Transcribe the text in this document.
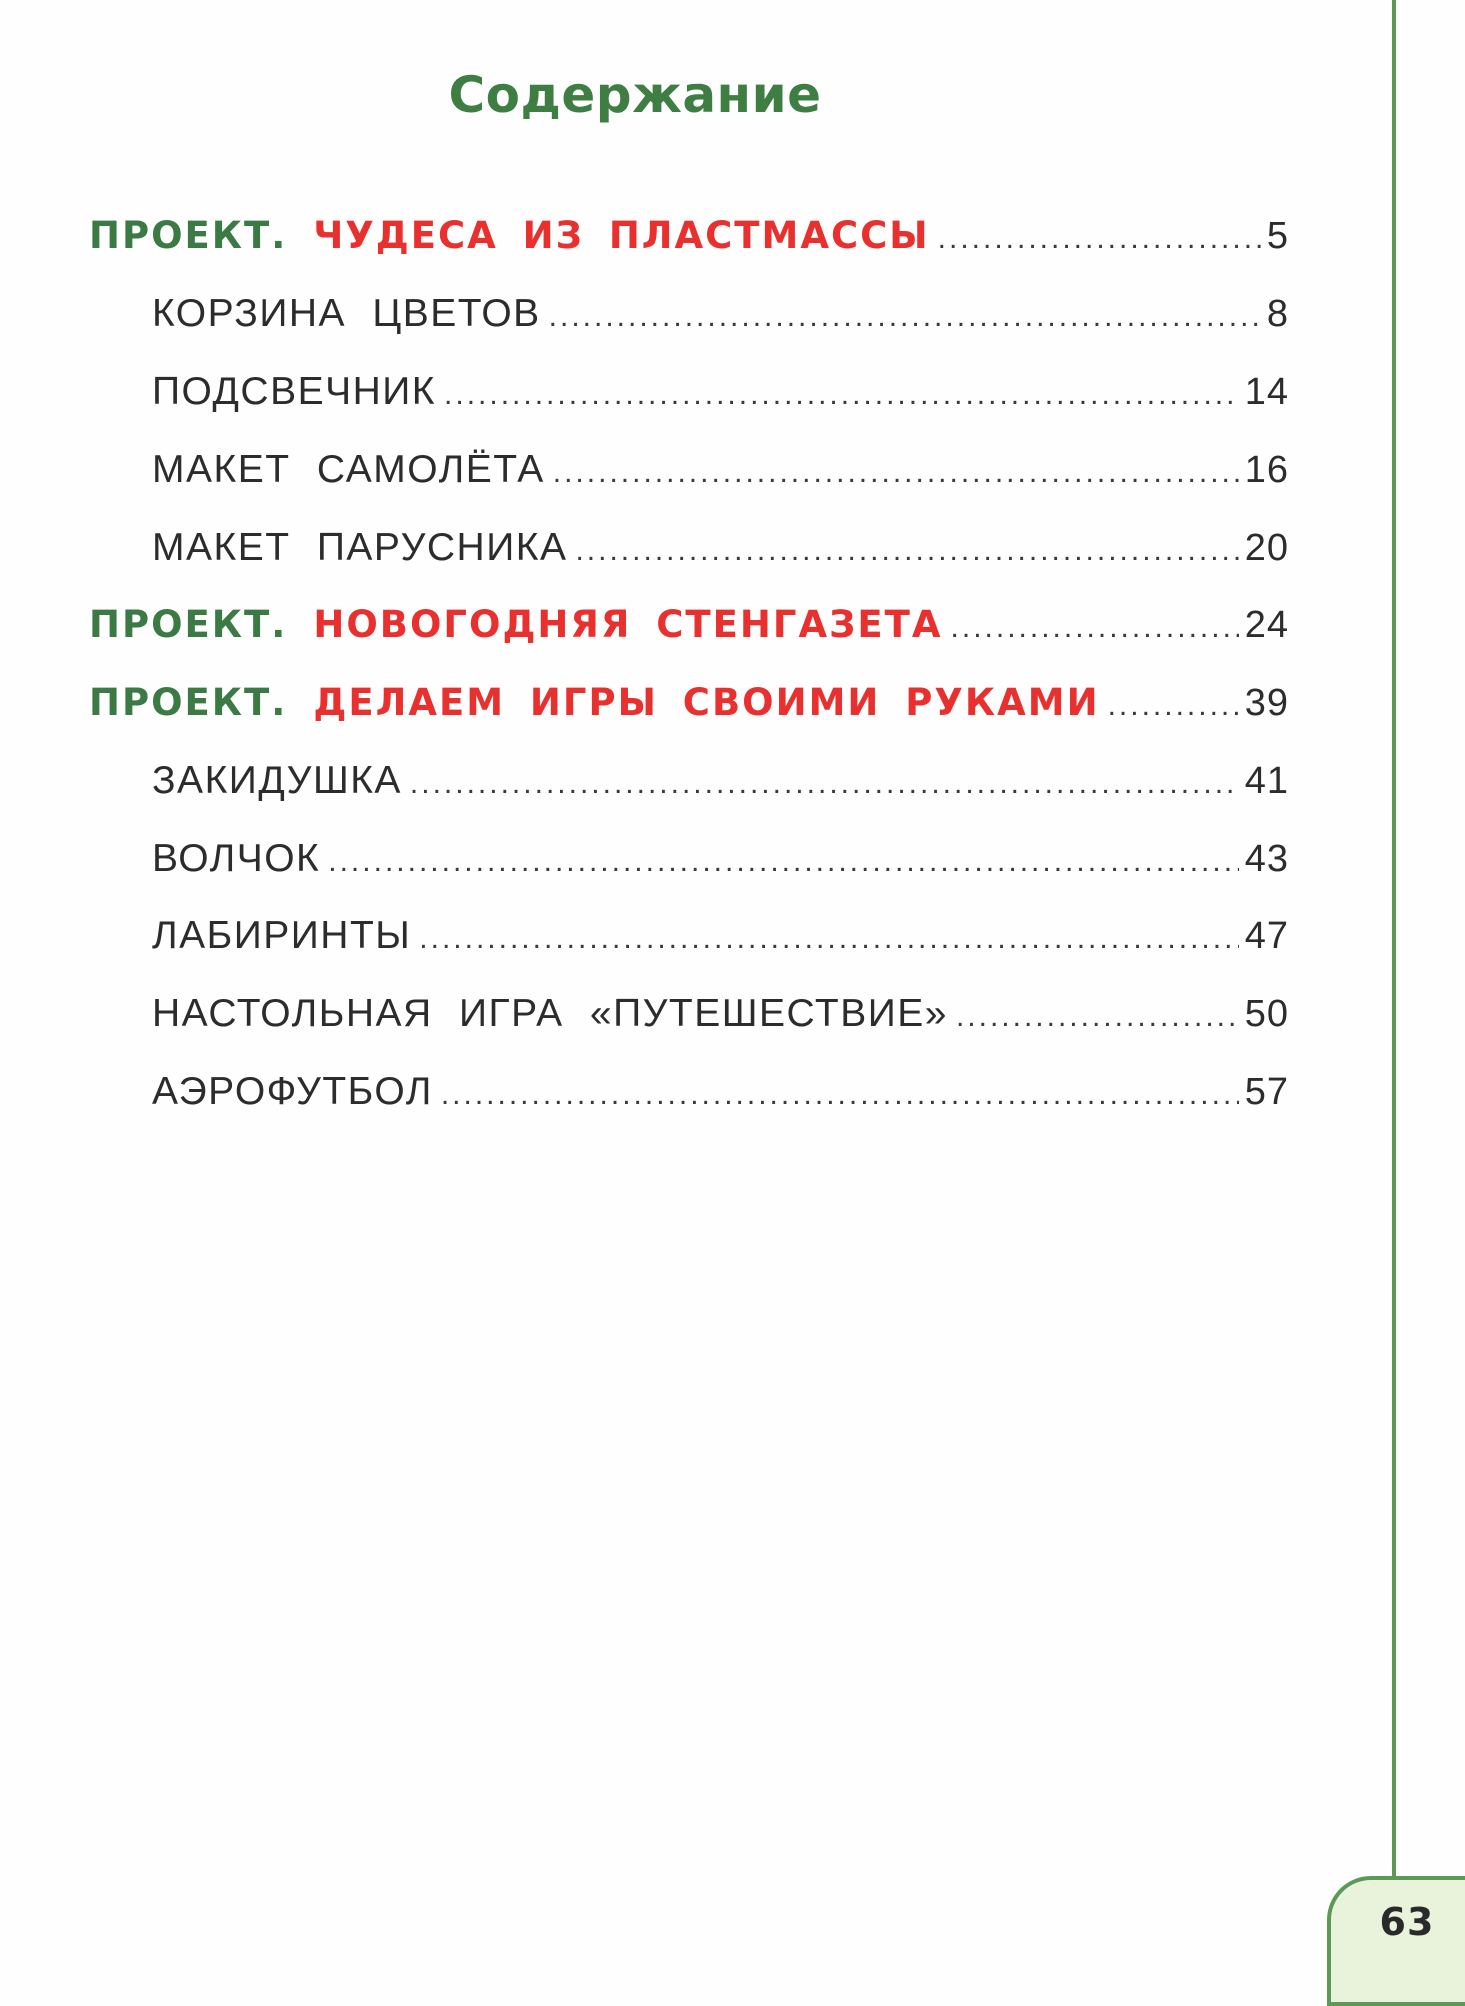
Содержание
ПРОЕКТ. ЧУДЕСА ИЗ ПЛАСТМАССЫ .....	5
КОРЗИНА ЦВЕТОВ .....	8
ПОДСВЕЧНИК .....	14
МАКЕТ САМОЛЁТА .....	16
МАКЕТ ПАРУСНИКА .....	20
ПРОЕКТ. НОВОГОДНЯЯ СТЕНГАЗЕТА .....	24
ПРОЕКТ. ДЕЛАЕМ ИГРЫ СВОИМИ РУКАМИ .....	39
ЗАКИДУШКА .....	41
ВОЛЧОК .....	43
ЛАБИРИНТЫ .....	47
НАСТОЛЬНАЯ ИГРА «ПУТЕШЕСТВИЕ» .....	50
АЭРОФУТБОЛ .....	57
63
